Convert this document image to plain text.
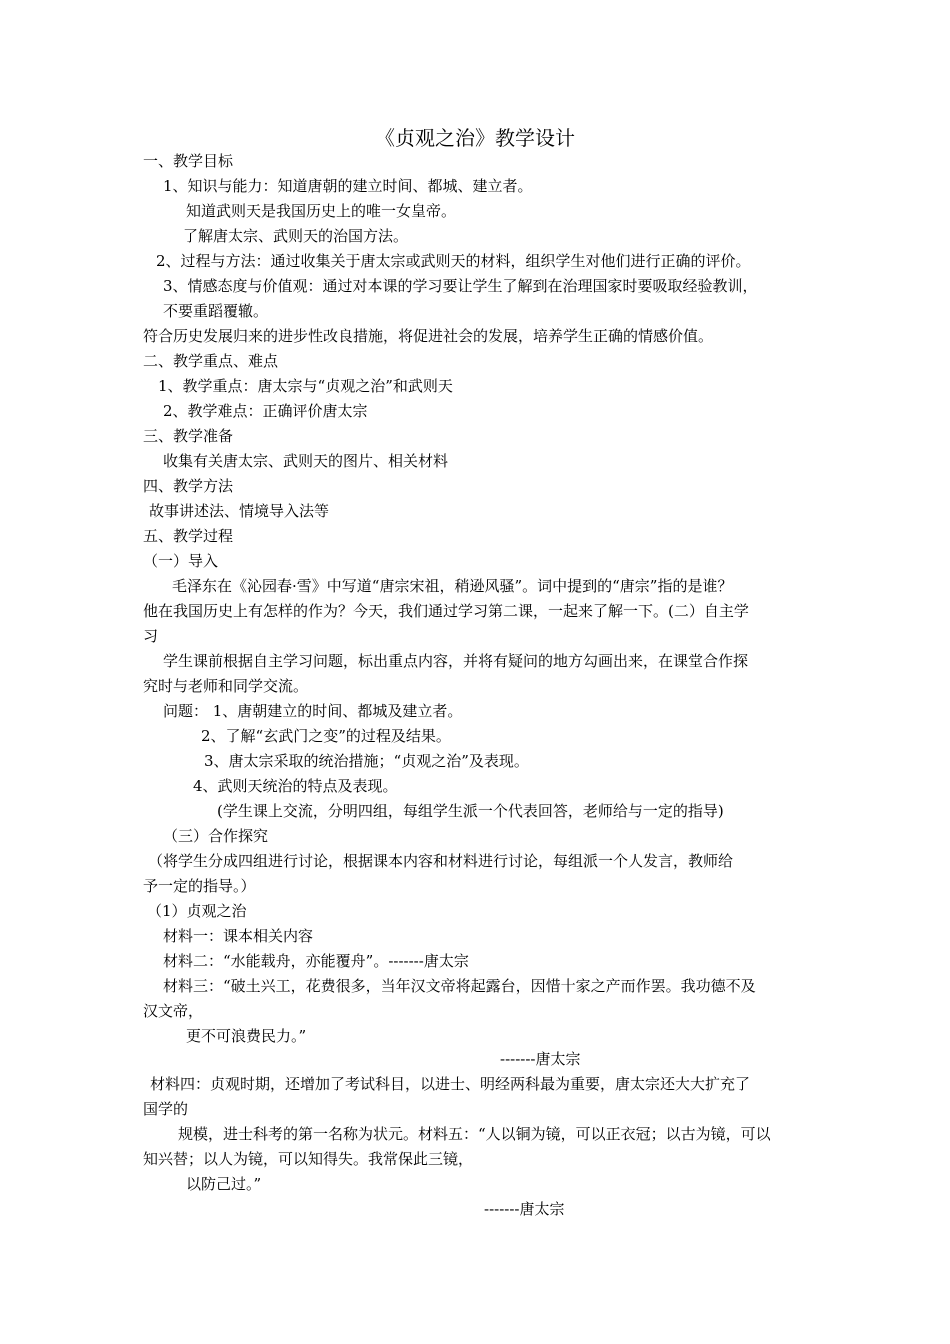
《贞观之治》教学设计
一、教学目标
1、知识与能力：知道唐朝的建立时间、都城、建立者。
知道武则天是我国历史上的唯一女皇帝。
了解唐太宗、武则天的治国方法。
2、过程与方法：通过收集关于唐太宗或武则天的材料，组织学生对他们进行正确的评价。
3、情感态度与价值观：通过对本课的学习要让学生了解到在治理国家时要吸取经验教训，
不要重蹈覆辙。
符合历史发展归来的进步性改良措施，将促进社会的发展，培养学生正确的情感价值。
二、教学重点、难点
1、教学重点：唐太宗与“贞观之治”和武则天
2、教学难点：正确评价唐太宗
三、教学准备
收集有关唐太宗、武则天的图片、相关材料
四、教学方法
故事讲述法、情境导入法等
五、教学过程
（一）导入
毛泽东在《沁园春·雪》中写道“唐宗宋祖，稍逊风骚”。词中提到的“唐宗”指的是谁？
他在我国历史上有怎样的作为？今天，我们通过学习第二课，一起来了解一下。(二）自主学
习
学生课前根据自主学习问题，标出重点内容，并将有疑问的地方勾画出来，在课堂合作探
究时与老师和同学交流。
问题： 1、唐朝建立的时间、都城及建立者。
2、了解“玄武门之变”的过程及结果。
3、唐太宗采取的统治措施；“贞观之治”及表现。
4、武则天统治的特点及表现。
(学生课上交流，分明四组，每组学生派一个代表回答，老师给与一定的指导)
（三）合作探究
（将学生分成四组进行讨论，根据课本内容和材料进行讨论，每组派一个人发言，教师给
予一定的指导。）
（1）贞观之治
材料一：课本相关内容
材料二：“水能载舟，亦能覆舟”。-------唐太宗
材料三：“破土兴工，花费很多，当年汉文帝将起露台，因惜十家之产而作罢。我功德不及
汉文帝，
更不可浪费民力。”
-------唐太宗
材料四：贞观时期，还增加了考试科目，以进士、明经两科最为重要，唐太宗还大大扩充了
国学的
规模，进士科考的第一名称为状元。材料五：“人以铜为镜，可以正衣冠；以古为镜，可以
知兴替；以人为镜，可以知得失。我常保此三镜，
以防己过。”
-------唐太宗
